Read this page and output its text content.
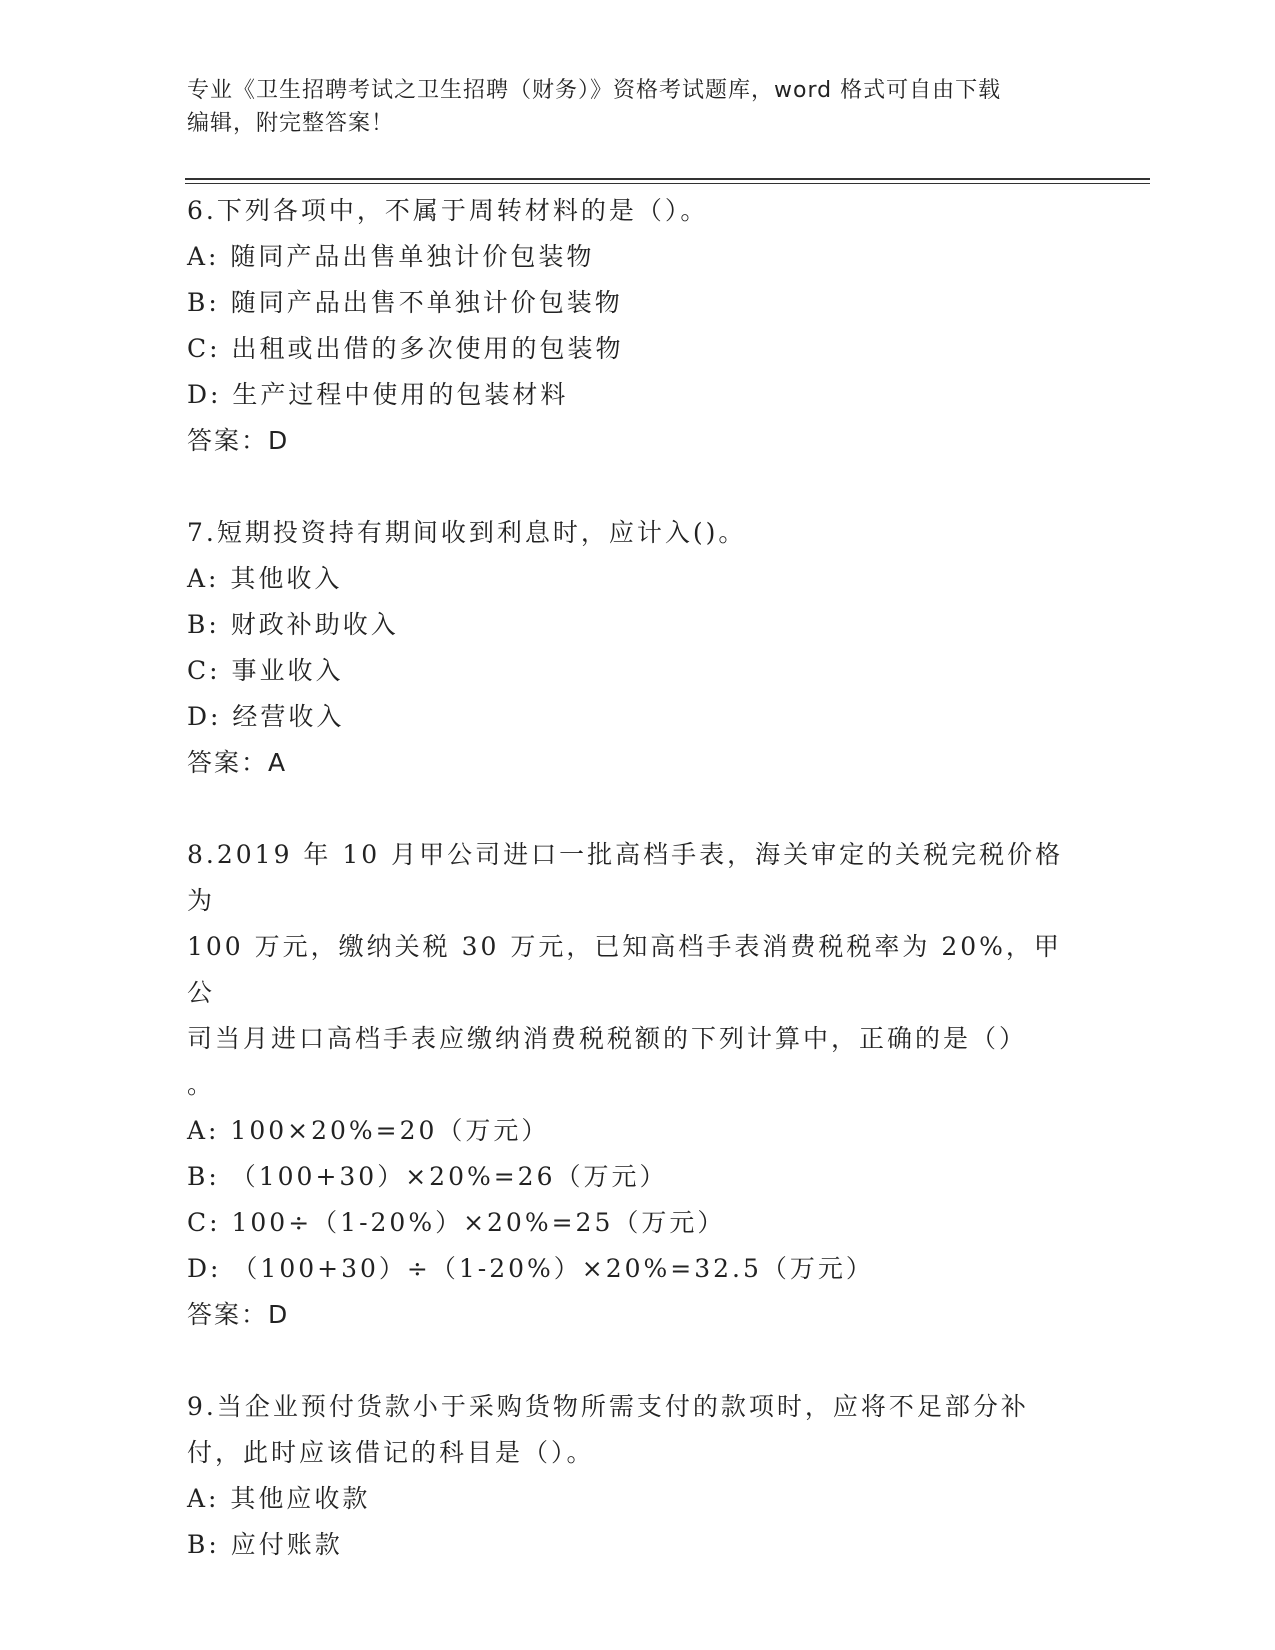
专业《卫生招聘考试之卫生招聘（财务）》资格考试题库，word 格式可自由下载
编辑，附完整答案！

6.下列各项中，不属于周转材料的是（）。

A: 随同产品出售单独计价包装物

B: 随同产品出售不单独计价包装物

C: 出租或出借的多次使用的包装物

D: 生产过程中使用的包装材料

答案：D

7.短期投资持有期间收到利息时，应计入()。

A: 其他收入

B: 财政补助收入

C: 事业收入

D: 经营收入

答案：A

8.2019 年 10 月甲公司进口一批高档手表，海关审定的关税完税价格为

100 万元，缴纳关税 30 万元，已知高档手表消费税税率为 20%，甲公

司当月进口高档手表应缴纳消费税税额的下列计算中，正确的是（）

。

A: 100×20%=20（万元）

B: （100+30）×20%=26（万元）

C: 100÷（1-20%）×20%=25（万元）

D: （100+30）÷（1-20%）×20%=32.5（万元）

答案：D

9.当企业预付货款小于采购货物所需支付的款项时，应将不足部分补

付，此时应该借记的科目是（）。

A: 其他应收款

B: 应付账款
